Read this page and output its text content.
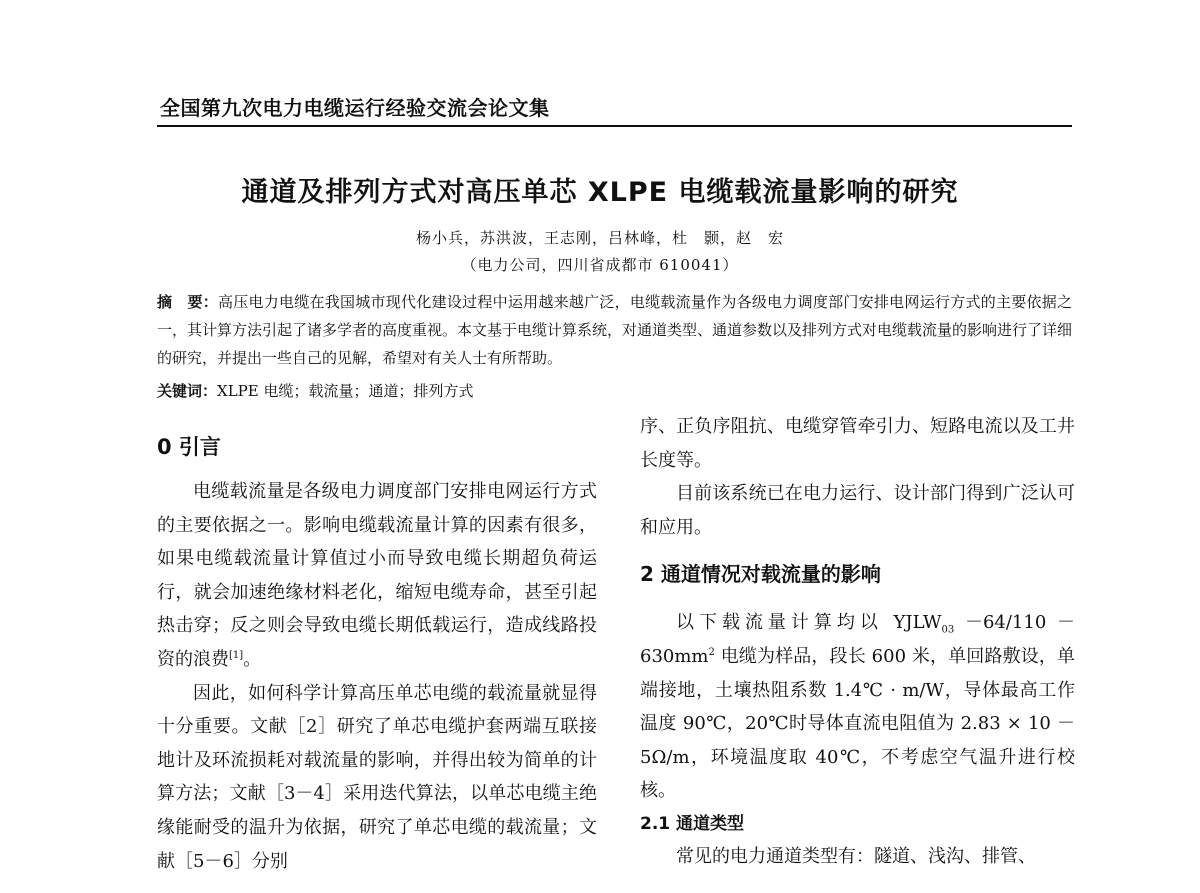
全国第九次电力电缆运行经验交流会论文集
通道及排列方式对高压单芯 XLPE 电缆载流量影响的研究
杨小兵，苏洪波，王志刚，吕林峰，杜　颢，赵　宏
（电力公司，四川省成都市 610041）
摘　要：高压电力电缆在我国城市现代化建设过程中运用越来越广泛，电缆载流量作为各级电力调度部门安排电网运行方式的主要依据之一，其计算方法引起了诸多学者的高度重视。本文基于电缆计算系统，对通道类型、通道参数以及排列方式对电缆载流量的影响进行了详细的研究，并提出一些自己的见解，希望对有关人士有所帮助。
关键词：XLPE 电缆；载流量；通道；排列方式

0 引言

电缆载流量是各级电力调度部门安排电网运行方式的主要依据之一。影响电缆载流量计算的因素有很多，如果电缆载流量计算值过小而导致电缆长期超负荷运行，就会加速绝缘材料老化，缩短电缆寿命，甚至引起热击穿；反之则会导致电缆长期低载运行，造成线路投资的浪费[1]。

因此，如何科学计算高压单芯电缆的载流量就显得十分重要。文献［2］研究了单芯电缆护套两端互联接地计及环流损耗对载流量的影响，并得出较为简单的计算方法；文献［3－4］采用迭代算法，以单芯电缆主绝缘能耐受的温升为依据，研究了单芯电缆的载流量；文献［5－6］分别

序、正负序阻抗、电缆穿管牵引力、短路电流以及工井长度等。

目前该系统已在电力运行、设计部门得到广泛认可和应用。

2 通道情况对载流量的影响

以下载流量计算均以 $YJLW_{03} -64/110 -630mm^2$ 电缆为样品，段长 600 米，单回路敷设，单端接地，土壤热阻系数 1.4℃ · m/W，导体最高工作温度 90℃，20℃时导体直流电阻值为 2.83 × 10 －5Ω/m，环境温度取 40℃，不考虑空气温升进行校核。

2.1 通道类型

常见的电力通道类型有：隧道、浅沟、排管、
